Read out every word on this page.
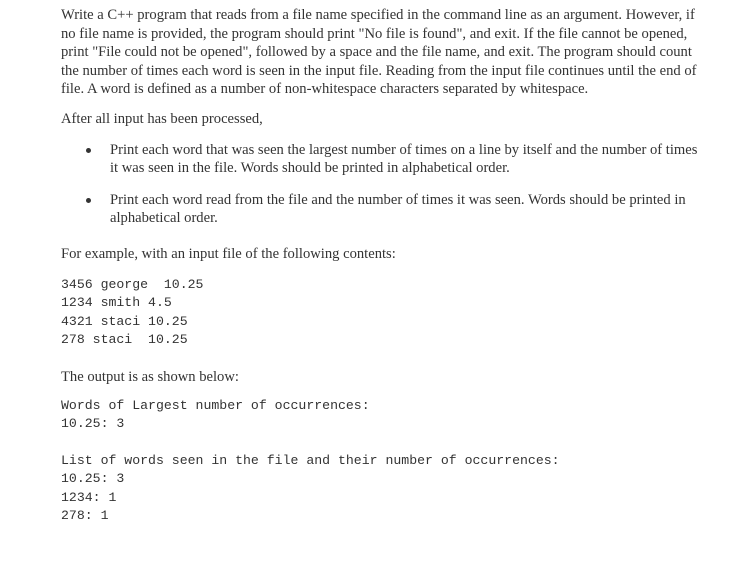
Write a C++ program that reads from a file name specified in the command line as an argument. However, if no file name is provided, the program should print "No file is found", and exit. If the file cannot be opened, print "File could not be opened", followed by a space and the file name, and exit. The program should count the number of times each word is seen in the input file. Reading from the input file continues until the end of file. A word is defined as a number of non-whitespace characters separated by whitespace.

After all input has been processed,

Print each word that was seen the largest number of times on a line by itself and the number of times it was seen in the file. Words should be printed in alphabetical order.
Print each word read from the file and the number of times it was seen. Words should be printed in alphabetical order.

For example, with an input file of the following contents:

3456 george  10.25
1234 smith 4.5
4321 staci 10.25
278 staci  10.25

The output is as shown below:

Words of Largest number of occurrences:
10.25: 3
List of words seen in the file and their number of occurrences:
10.25: 3
1234: 1
278: 1
